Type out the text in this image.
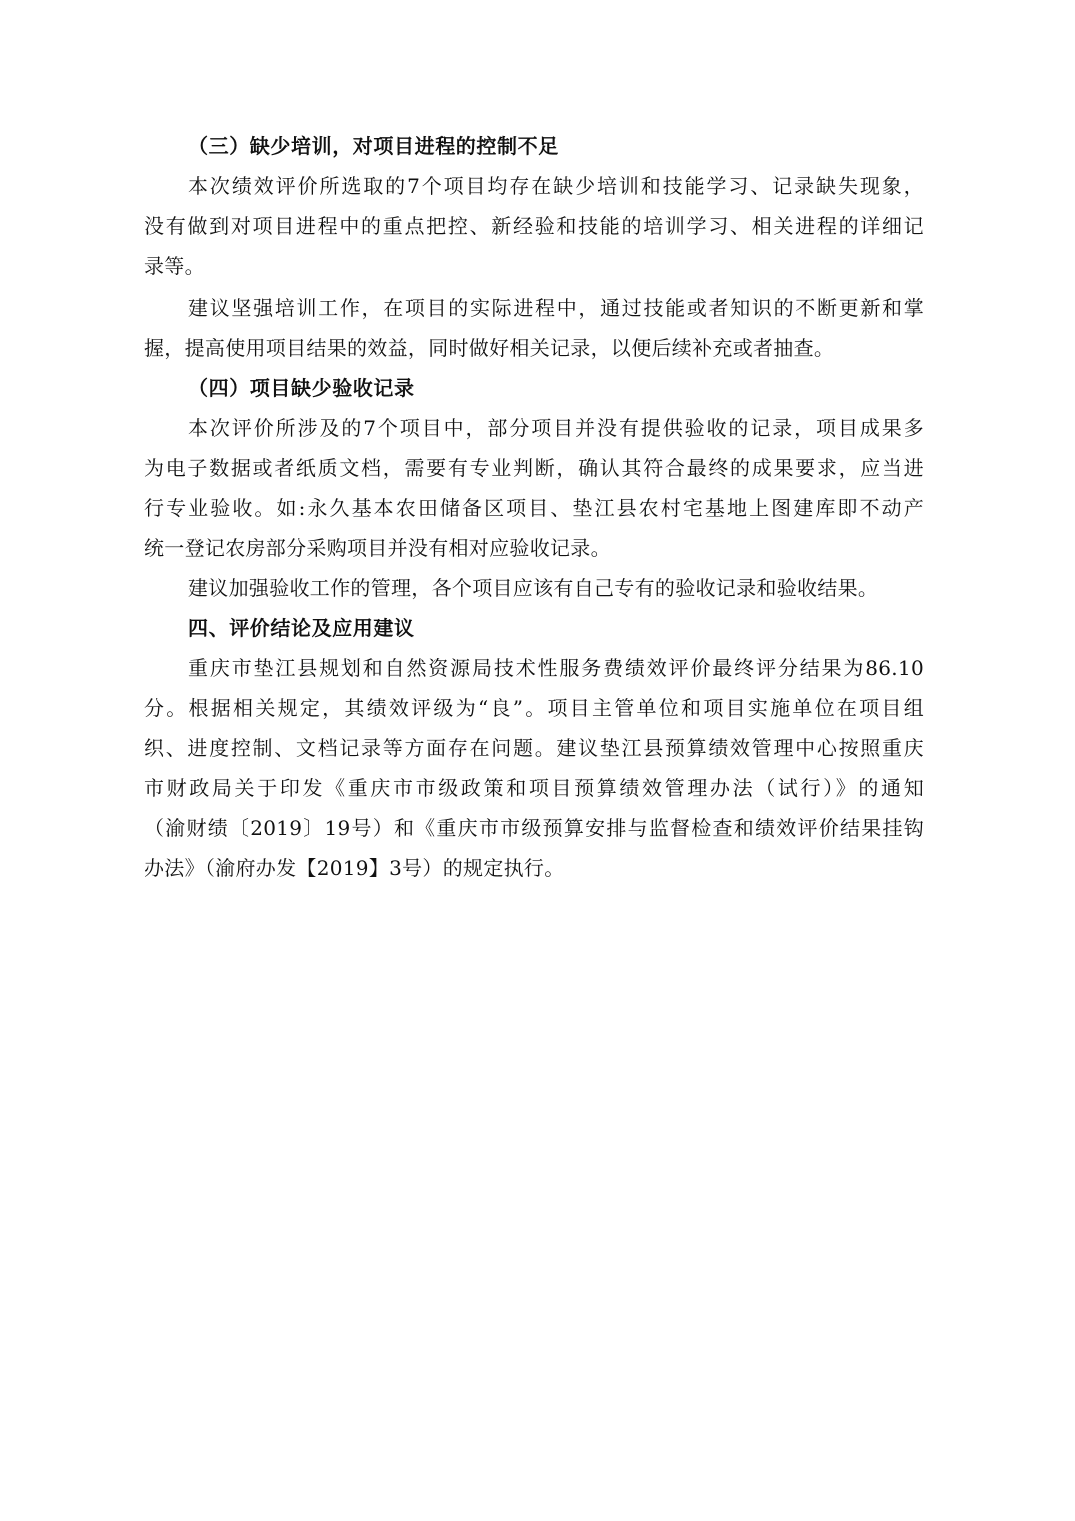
（三）缺少培训，对项目进程的控制不足
本次绩效评价所选取的7个项目均存在缺少培训和技能学习、记录缺失现象，
没有做到对项目进程中的重点把控、新经验和技能的培训学习、相关进程的详细记
录等。
建议坚强培训工作，在项目的实际进程中，通过技能或者知识的不断更新和掌
握，提高使用项目结果的效益，同时做好相关记录，以便后续补充或者抽查。
（四）项目缺少验收记录
本次评价所涉及的7个项目中，部分项目并没有提供验收的记录，项目成果多
为电子数据或者纸质文档，需要有专业判断，确认其符合最终的成果要求，应当进
行专业验收。如:永久基本农田储备区项目、垫江县农村宅基地上图建库即不动产
统一登记农房部分采购项目并没有相对应验收记录。
建议加强验收工作的管理，各个项目应该有自己专有的验收记录和验收结果。
四、评价结论及应用建议
重庆市垫江县规划和自然资源局技术性服务费绩效评价最终评分结果为86.10
分。根据相关规定，其绩效评级为“良”。项目主管单位和项目实施单位在项目组
织、进度控制、文档记录等方面存在问题。建议垫江县预算绩效管理中心按照重庆
市财政局关于印发《重庆市市级政策和项目预算绩效管理办法（试行）》的通知
（渝财绩〔2019〕19号）和《重庆市市级预算安排与监督检查和绩效评价结果挂钩
办法》（渝府办发【2019】3号）的规定执行。
